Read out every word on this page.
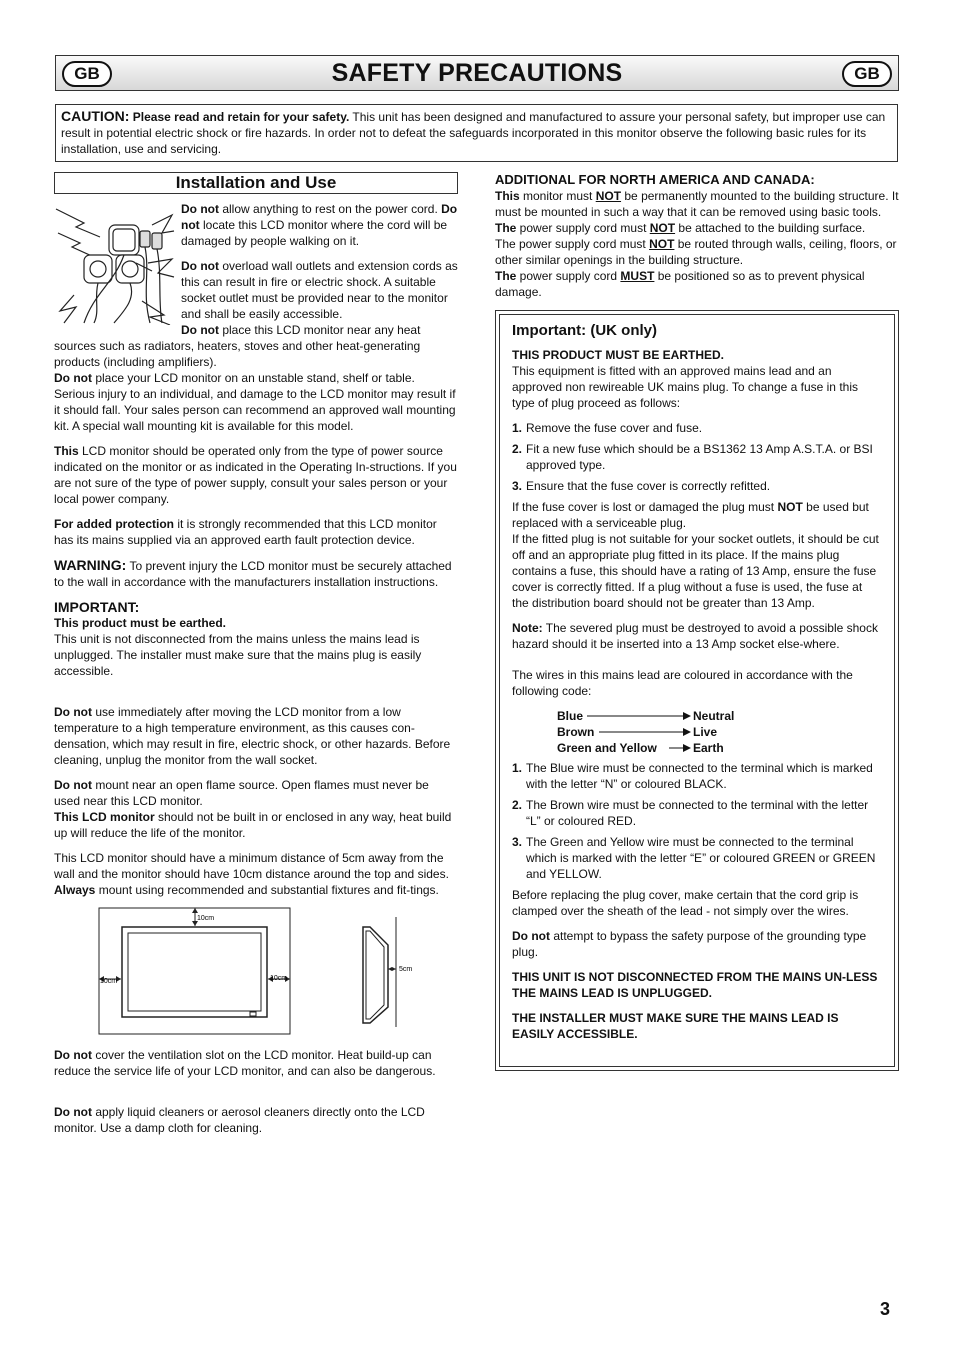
GB	SAFETY PRECAUTIONS	GB
CAUTION: Please read and retain for your safety. This unit has been designed and manufactured to assure your personal safety, but improper use can result in potential electric shock or fire hazards. In order not to defeat the safeguards incorporated in this monitor observe the following basic rules for its installation, use and servicing.
Installation and Use

Do not allow anything to rest on the power cord. Do not locate this LCD monitor where the cord will be damaged by people walking on it.

Do not overload wall outlets and extension cords as this can result in fire or electric shock. A suitable socket outlet must be provided near to the monitor and shall be easily accessible.

Do not place this LCD monitor near any heat sources such as radiators, heaters, stoves and other heat-generating products (including amplifiers).
Do not place your LCD monitor on an unstable stand, shelf or table. Serious injury to an individual, and damage to the LCD monitor may result if it should fall. Your sales person can recommend an approved wall mounting kit. A special wall mounting kit is available for this model.

This LCD monitor should be operated only from the type of power source indicated on the monitor or as indicated in the Operating In-structions. If you are not sure of the type of power supply, consult your sales person or your local power company.

For added protection it is strongly recommended that this LCD monitor has its mains supplied via an approved earth fault protection device.

WARNING: To prevent injury the LCD monitor must be securely attached to the wall in accordance with the manufacturers installation instructions.

IMPORTANT:
This product must be earthed.

This unit is not disconnected from the mains unless the mains lead is unplugged. The installer must make sure that the mains plug is easily accessible.

Do not use immediately after moving the LCD monitor from a low temperature to a high temperature environment, as this causes con-densation, which may result in fire, electric shock, or other hazards. Before cleaning, unplug the monitor from the wall socket.

Do not mount near an open flame source. Open flames must never be used near this LCD monitor.

This LCD monitor should not be built in or enclosed in any way, heat build up will reduce the life of the monitor.

This LCD monitor should have a minimum distance of 5cm away from the wall and the monitor should have 10cm distance around the top and sides.

Always mount using recommended and substantial fixtures and fit-tings.

10cm
10cm	10cm
5cm

Do not cover the ventilation slot on the LCD monitor. Heat build-up can reduce the service life of your LCD monitor, and can also be dangerous.

Do not apply liquid cleaners or aerosol cleaners directly onto the LCD monitor. Use a damp cloth for cleaning.

ADDITIONAL FOR NORTH AMERICA AND CANADA:
This monitor must NOT be permanently mounted to the building structure. It must be mounted in such a way that it can be removed using basic tools.
The power supply cord must NOT be attached to the building surface.
The power supply cord must NOT be routed through walls, ceiling, floors, or other similar openings in the building structure.
The power supply cord MUST be positioned so as to prevent physical damage.
Important: (UK only)
THIS PRODUCT MUST BE EARTHED.

This equipment is fitted with an approved mains lead and an approved non rewireable UK mains plug. To change a fuse in this type of plug proceed as follows:

1. Remove the fuse cover and fuse.
2. Fit a new fuse which should be a BS1362 13 Amp A.S.T.A. or BSI approved type.
3. Ensure that the fuse cover is correctly refitted.
If the fuse cover is lost or damaged the plug must NOT be used but replaced with a serviceable plug.

If the fitted plug is not suitable for your socket outlets, it should be cut off and an appropriate plug fitted in its place. If the mains plug contains a fuse, this should have a rating of 13 Amp, ensure the fuse cover is correctly fitted. If a plug without a fuse is used, the fuse at the distribution board should not be greater than 13 Amp.

Note: The severed plug must be destroyed to avoid a possible shock hazard should it be inserted into a 13 Amp socket else-where.

The wires in this mains lead are coloured in accordance with the following code:

Blue	Neutral
Brown	Live
Green and Yellow	Earth
1. The Blue wire must be connected to the terminal which is marked with the letter “N” or coloured BLACK.
2. The Brown wire must be connected to the terminal with the letter “L” or coloured RED.
3. The Green and Yellow wire must be connected to the terminal which is marked with the letter “E” or coloured GREEN or GREEN and YELLOW.

Before replacing the plug cover, make certain that the cord grip is clamped over the sheath of the lead - not simply over the wires.

Do not attempt to bypass the safety purpose of the grounding type plug.

THIS UNIT IS NOT DISCONNECTED FROM THE MAINS UN-LESS THE MAINS LEAD IS UNPLUGGED.

THE INSTALLER MUST MAKE SURE THE MAINS LEAD IS EASILY ACCESSIBLE.

3
